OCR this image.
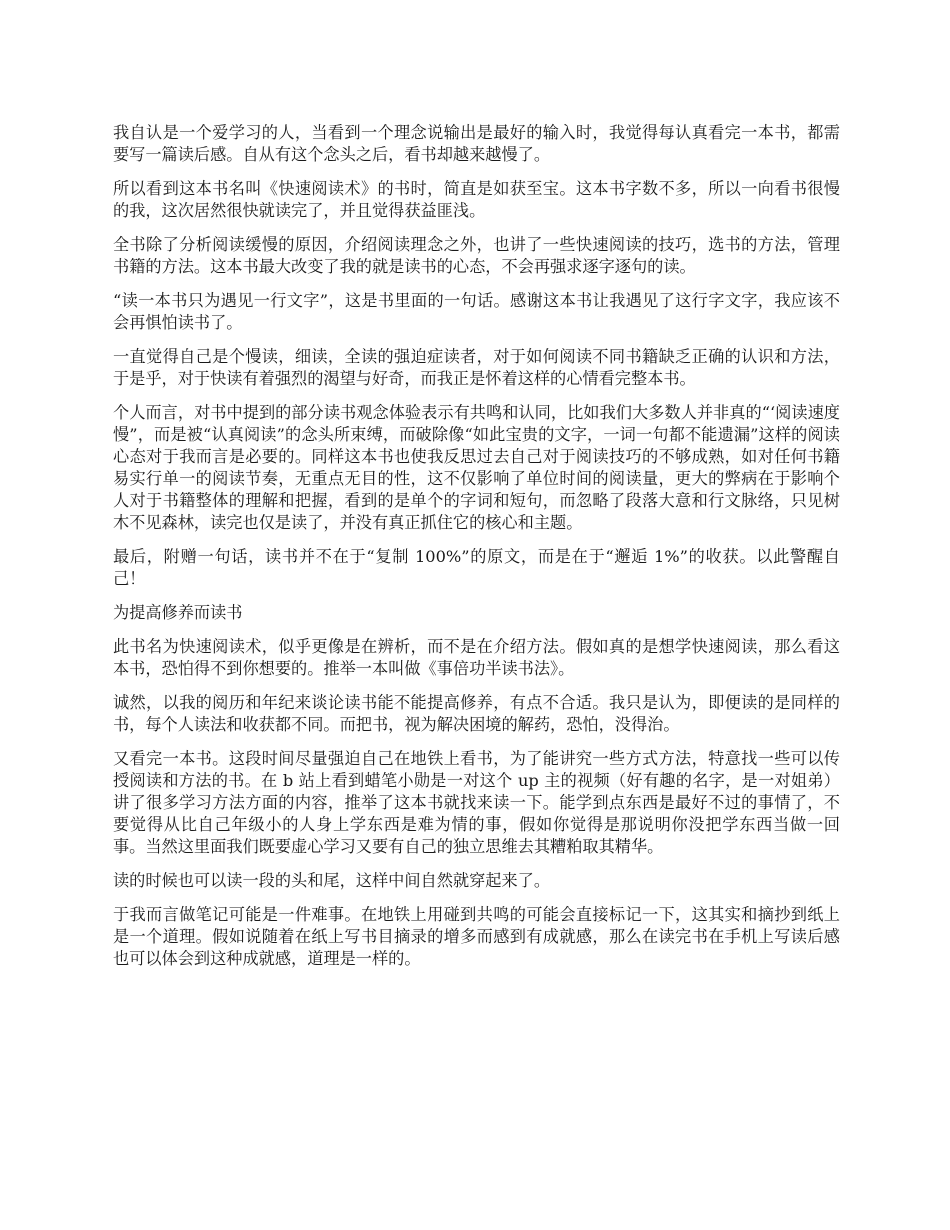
我自认是一个爱学习的人，当看到一个理念说输出是最好的输入时，我觉得每认真看完一本书，都需要写一篇读后感。自从有这个念头之后，看书却越来越慢了。

所以看到这本书名叫《快速阅读术》的书时，简直是如获至宝。这本书字数不多，所以一向看书很慢的我，这次居然很快就读完了，并且觉得获益匪浅。

全书除了分析阅读缓慢的原因，介绍阅读理念之外，也讲了一些快速阅读的技巧，选书的方法，管理书籍的方法。这本书最大改变了我的就是读书的心态，不会再强求逐字逐句的读。

“读一本书只为遇见一行文字”，这是书里面的一句话。感谢这本书让我遇见了这行字文字，我应该不会再惧怕读书了。

一直觉得自己是个慢读，细读，全读的强迫症读者，对于如何阅读不同书籍缺乏正确的认识和方法，于是乎，对于快读有着强烈的渴望与好奇，而我正是怀着这样的心情看完整本书。

个人而言，对书中提到的部分读书观念体验表示有共鸣和认同，比如我们大多数人并非真的“‘阅读速度慢”，而是被“认真阅读”的念头所束缚，而破除像“如此宝贵的文字，一词一句都不能遗漏”这样的阅读心态对于我而言是必要的。同样这本书也使我反思过去自己对于阅读技巧的不够成熟，如对任何书籍易实行单一的阅读节奏，无重点无目的性，这不仅影响了单位时间的阅读量，更大的弊病在于影响个人对于书籍整体的理解和把握，看到的是单个的字词和短句，而忽略了段落大意和行文脉络，只见树木不见森林，读完也仅是读了，并没有真正抓住它的核心和主题。

最后，附赠一句话，读书并不在于“复制 100%”的原文，而是在于“邂逅 1%”的收获。以此警醒自己！

为提高修养而读书

此书名为快速阅读术，似乎更像是在辨析，而不是在介绍方法。假如真的是想学快速阅读，那么看这本书，恐怕得不到你想要的。推举一本叫做《事倍功半读书法》。

诚然，以我的阅历和年纪来谈论读书能不能提高修养，有点不合适。我只是认为，即便读的是同样的书，每个人读法和收获都不同。而把书，视为解决困境的解药，恐怕，没得治。

又看完一本书。这段时间尽量强迫自己在地铁上看书，为了能讲究一些方式方法，特意找一些可以传授阅读和方法的书。在 b 站上看到蜡笔小勋是一对这个 up 主的视频（好有趣的名字，是一对姐弟）讲了很多学习方法方面的内容，推举了这本书就找来读一下。能学到点东西是最好不过的事情了，不要觉得从比自己年级小的人身上学东西是难为情的事，假如你觉得是那说明你没把学东西当做一回事。当然这里面我们既要虚心学习又要有自己的独立思维去其糟粕取其精华。

读的时候也可以读一段的头和尾，这样中间自然就穿起来了。

于我而言做笔记可能是一件难事。在地铁上用碰到共鸣的可能会直接标记一下，这其实和摘抄到纸上是一个道理。假如说随着在纸上写书目摘录的增多而感到有成就感，那么在读完书在手机上写读后感也可以体会到这种成就感，道理是一样的。
